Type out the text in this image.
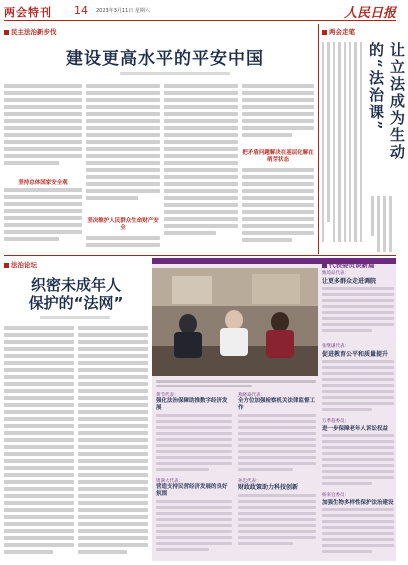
两会特刊 14 2023年3月11日 星期六	人民日报
民主法治新步伐
建设更高水平的平安中国
坚持总体国家安全观
坚决维护人民群众生命财产安全
把矛盾问题解决在基层化解在萌芽状态
两会走笔
让立法成为生动的“法治课”
法治论坛
织密未成年人
保护的“法网”
代表委员谈新篇
甄琦品代表：
让更多群众走进调院
张继谦代表：
促进教育公平和质量提升
万季超委员：
进一步保障老年人诉讼权益
杨来宜委员：
加强生物多样性保护法治建设
黄节代表：
强化法治保障助推数字经济发展
燕晓焱代表：
全方位加强检察机关法律监督工作
周满大代表：
营造支持民营经济发展的良好氛围
孙忠代表：
财政政策助力科技创新
